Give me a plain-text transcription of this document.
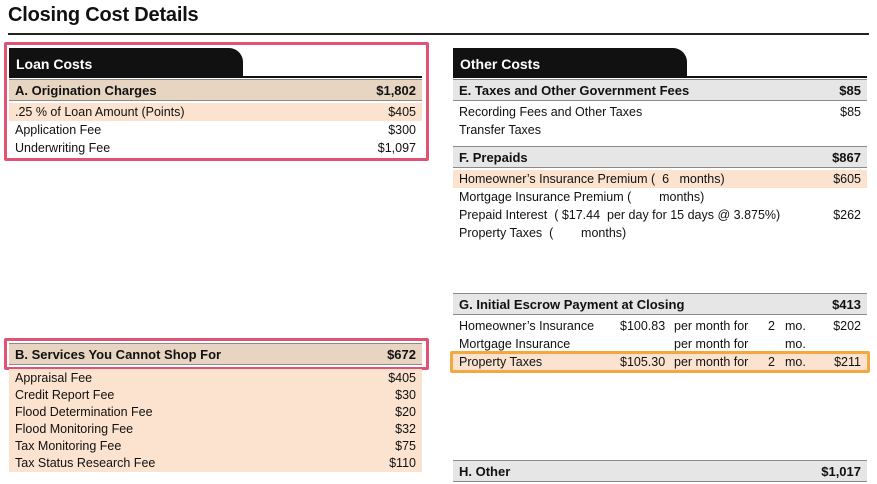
Closing Cost Details
Loan Costs
A. Origination Charges	$1,802
.25 % of Loan Amount (Points)	$405
Application Fee	$300
Underwriting Fee	$1,097
B. Services You Cannot Shop For	$672
Appraisal Fee	$405
Credit Report Fee	$30
Flood Determination Fee	$20
Flood Monitoring Fee	$32
Tax Monitoring Fee	$75
Tax Status Research Fee	$110
Other Costs
E. Taxes and Other Government Fees	$85
Recording Fees and Other Taxes	$85
Transfer Taxes
F. Prepaids	$867
Homeowner’s Insurance Premium (  6   months)	$605
Mortgage Insurance Premium (        months)
Prepaid Interest  ( $17.44  per day for 15 days @ 3.875%)	$262
Property Taxes  (        months)
G. Initial Escrow Payment at Closing	$413
Homeowner’s Insurance $100.83 per month for 2 mo. $202
Mortgage Insurance	per month for	mo.
Property Taxes	$105.30 per month for 2 mo. $211
H. Other	$1,017
